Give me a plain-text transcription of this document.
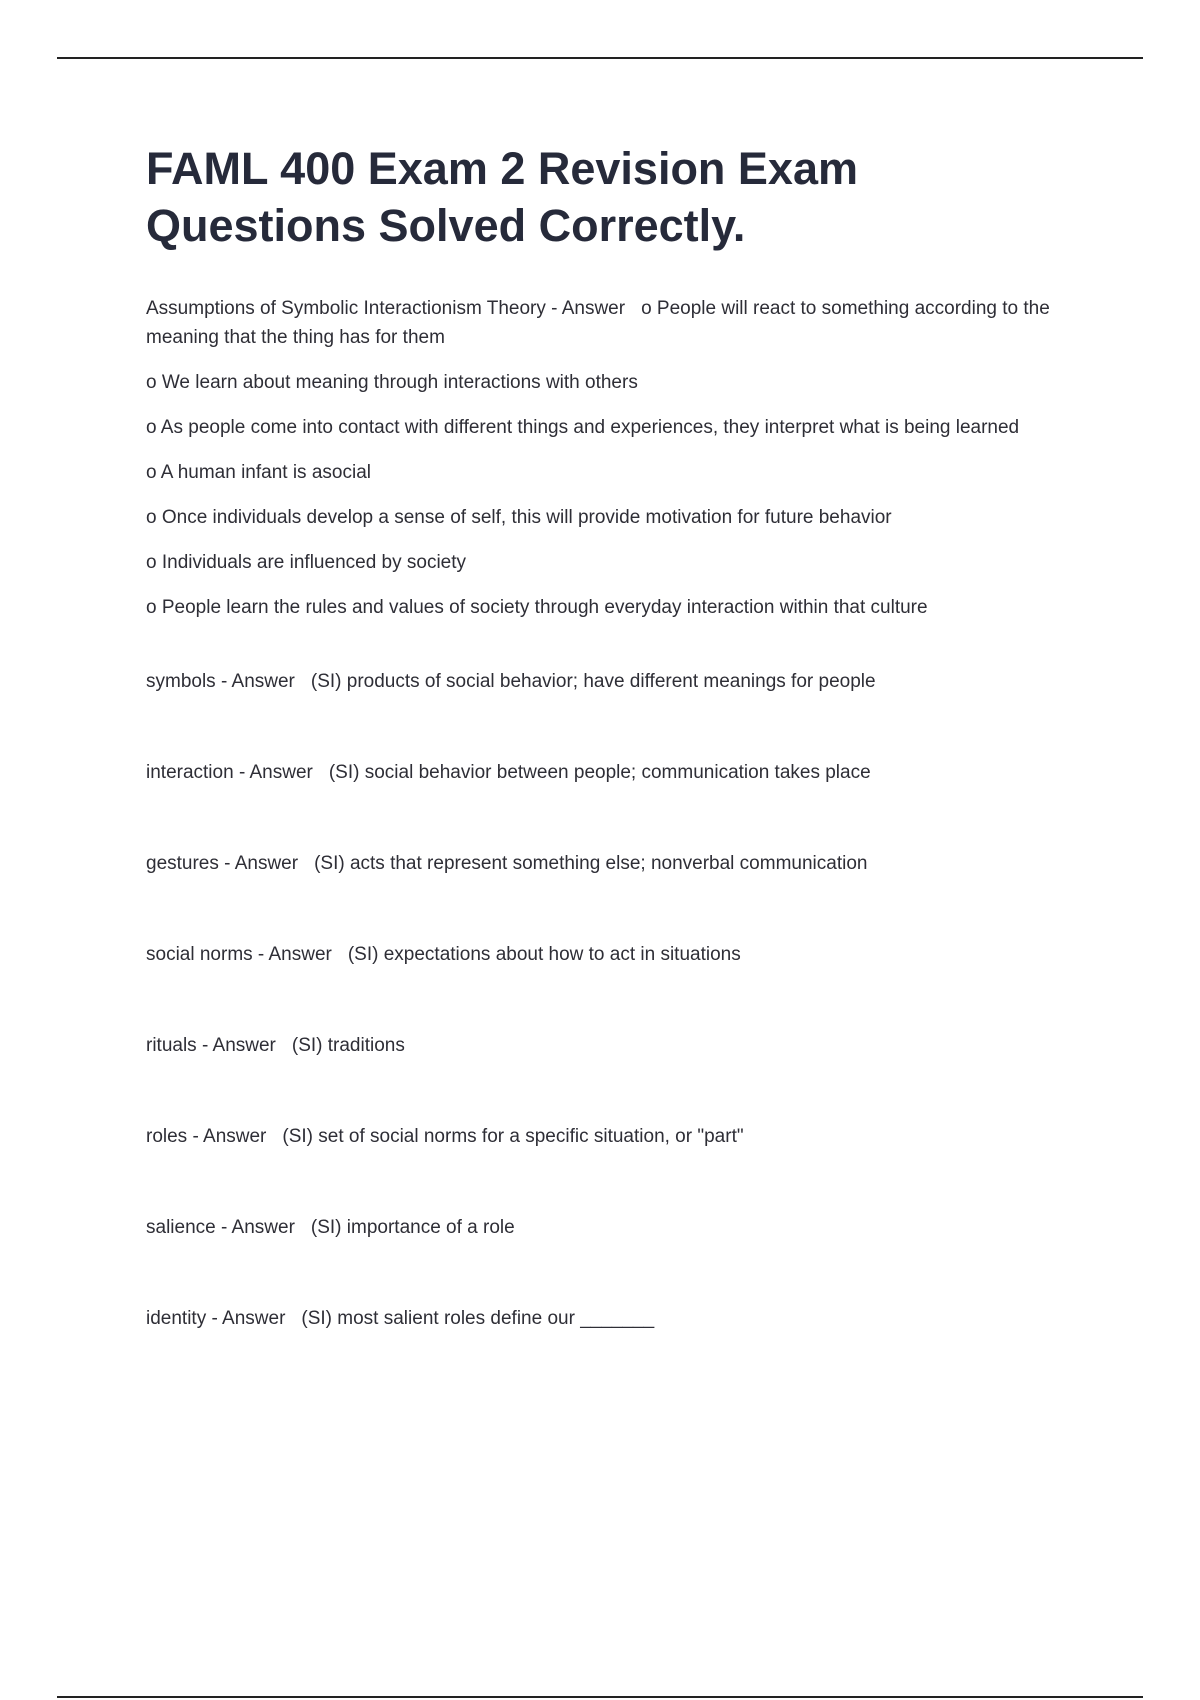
FAML 400 Exam 2 Revision Exam Questions Solved Correctly.
Assumptions of Symbolic Interactionism Theory - Answer o People will react to something according to the meaning that the thing has for them
o We learn about meaning through interactions with others
o As people come into contact with different things and experiences, they interpret what is being learned
o A human infant is asocial
o Once individuals develop a sense of self, this will provide motivation for future behavior
o Individuals are influenced by society
o People learn the rules and values of society through everyday interaction within that culture
symbols - Answer (SI) products of social behavior; have different meanings for people
interaction - Answer (SI) social behavior between people; communication takes place
gestures - Answer (SI) acts that represent something else; nonverbal communication
social norms - Answer (SI) expectations about how to act in situations
rituals - Answer (SI) traditions
roles - Answer (SI) set of social norms for a specific situation, or "part"
salience - Answer (SI) importance of a role
identity - Answer (SI) most salient roles define our _______
